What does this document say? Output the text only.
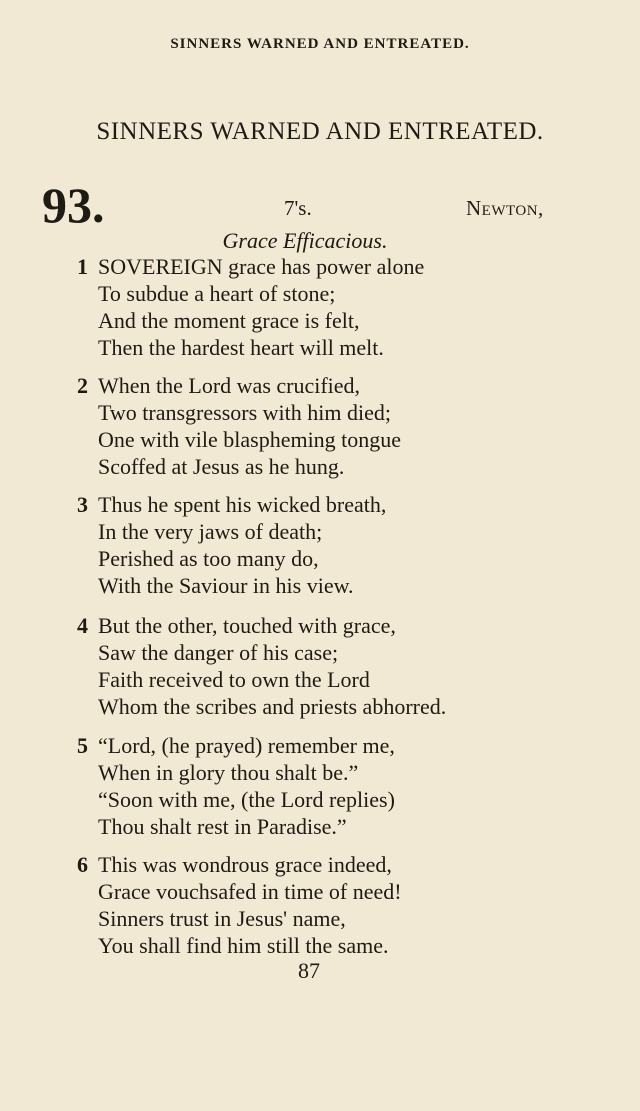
SINNERS WARNED AND ENTREATED.
SINNERS WARNED AND ENTREATED.
93.	7's.	Newton,
Grace Efficacious.
1 SOVEREIGN grace has power alone
To subdue a heart of stone;
And the moment grace is felt,
Then the hardest heart will melt.
2 When the Lord was crucified,
Two transgressors with him died;
One with vile blaspheming tongue
Scoffed at Jesus as he hung.
3 Thus he spent his wicked breath,
In the very jaws of death;
Perished as too many do,
With the Saviour in his view.
4 But the other, touched with grace,
Saw the danger of his case;
Faith received to own the Lord
Whom the scribes and priests abhorred.
5 “Lord, (he prayed) remember me,
When in glory thou shalt be.”
“Soon with me, (the Lord replies)
Thou shalt rest in Paradise.”
6 This was wondrous grace indeed,
Grace vouchsafed in time of need!
Sinners trust in Jesus' name,
You shall find him still the same.
87
